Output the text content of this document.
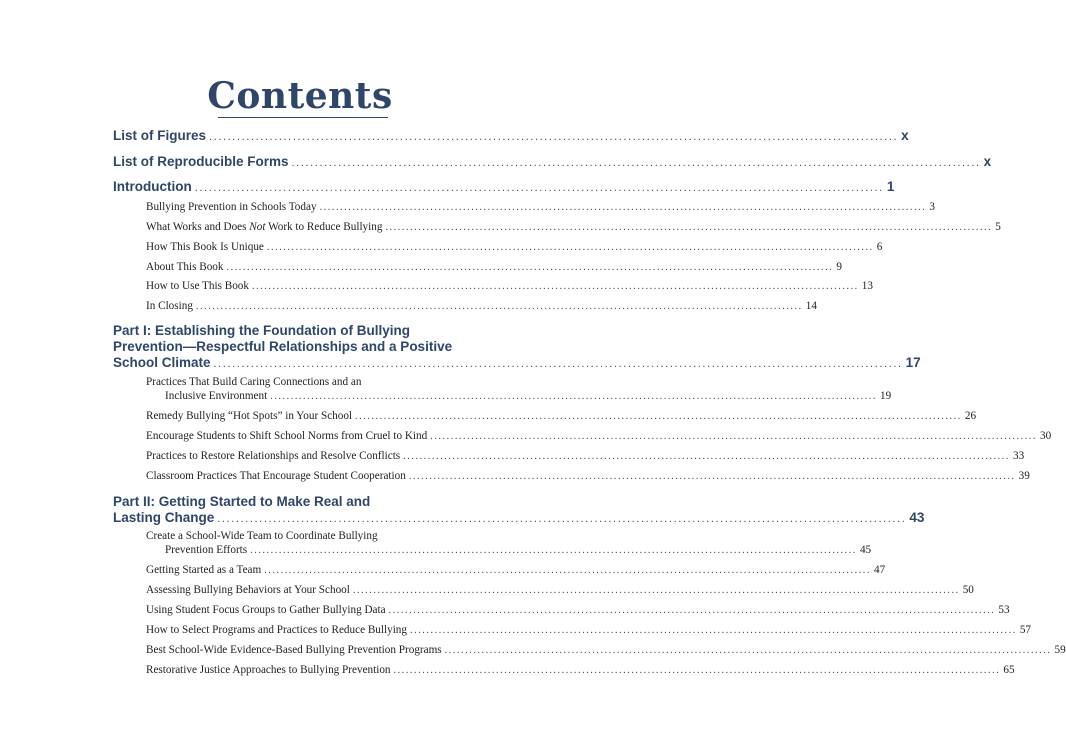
Contents
List of Figures .................................................................................................................................................... x
List of Reproducible Forms .................................................................................................................................................... x
Introduction .................................................................................................................................................... 1
Bullying Prevention in Schools Today .................................................................................................................................................... 3
What Works and Does Not Work to Reduce Bullying .................................................................................................................................................... 5
How This Book Is Unique .................................................................................................................................................... 6
About This Book .................................................................................................................................................... 9
How to Use This Book .................................................................................................................................................... 13
In Closing .................................................................................................................................................... 14
Part I: Establishing the Foundation of Bullying
Prevention—Respectful Relationships and a Positive
School Climate .................................................................................................................................................... 17
Practices That Build Caring Connections and an
Inclusive Environment .................................................................................................................................................... 19
Remedy Bullying “Hot Spots” in Your School .................................................................................................................................................... 26
Encourage Students to Shift School Norms from Cruel to Kind .................................................................................................................................................... 30
Practices to Restore Relationships and Resolve Conflicts .................................................................................................................................................... 33
Classroom Practices That Encourage Student Cooperation .................................................................................................................................................... 39
Part II: Getting Started to Make Real and
Lasting Change .................................................................................................................................................... 43
Create a School-Wide Team to Coordinate Bullying
Prevention Efforts .................................................................................................................................................... 45
Getting Started as a Team .................................................................................................................................................... 47
Assessing Bullying Behaviors at Your School .................................................................................................................................................... 50
Using Student Focus Groups to Gather Bullying Data .................................................................................................................................................... 53
How to Select Programs and Practices to Reduce Bullying .................................................................................................................................................... 57
Best School-Wide Evidence-Based Bullying Prevention Programs .................................................................................................................................................... 59
Restorative Justice Approaches to Bullying Prevention .................................................................................................................................................... 65
